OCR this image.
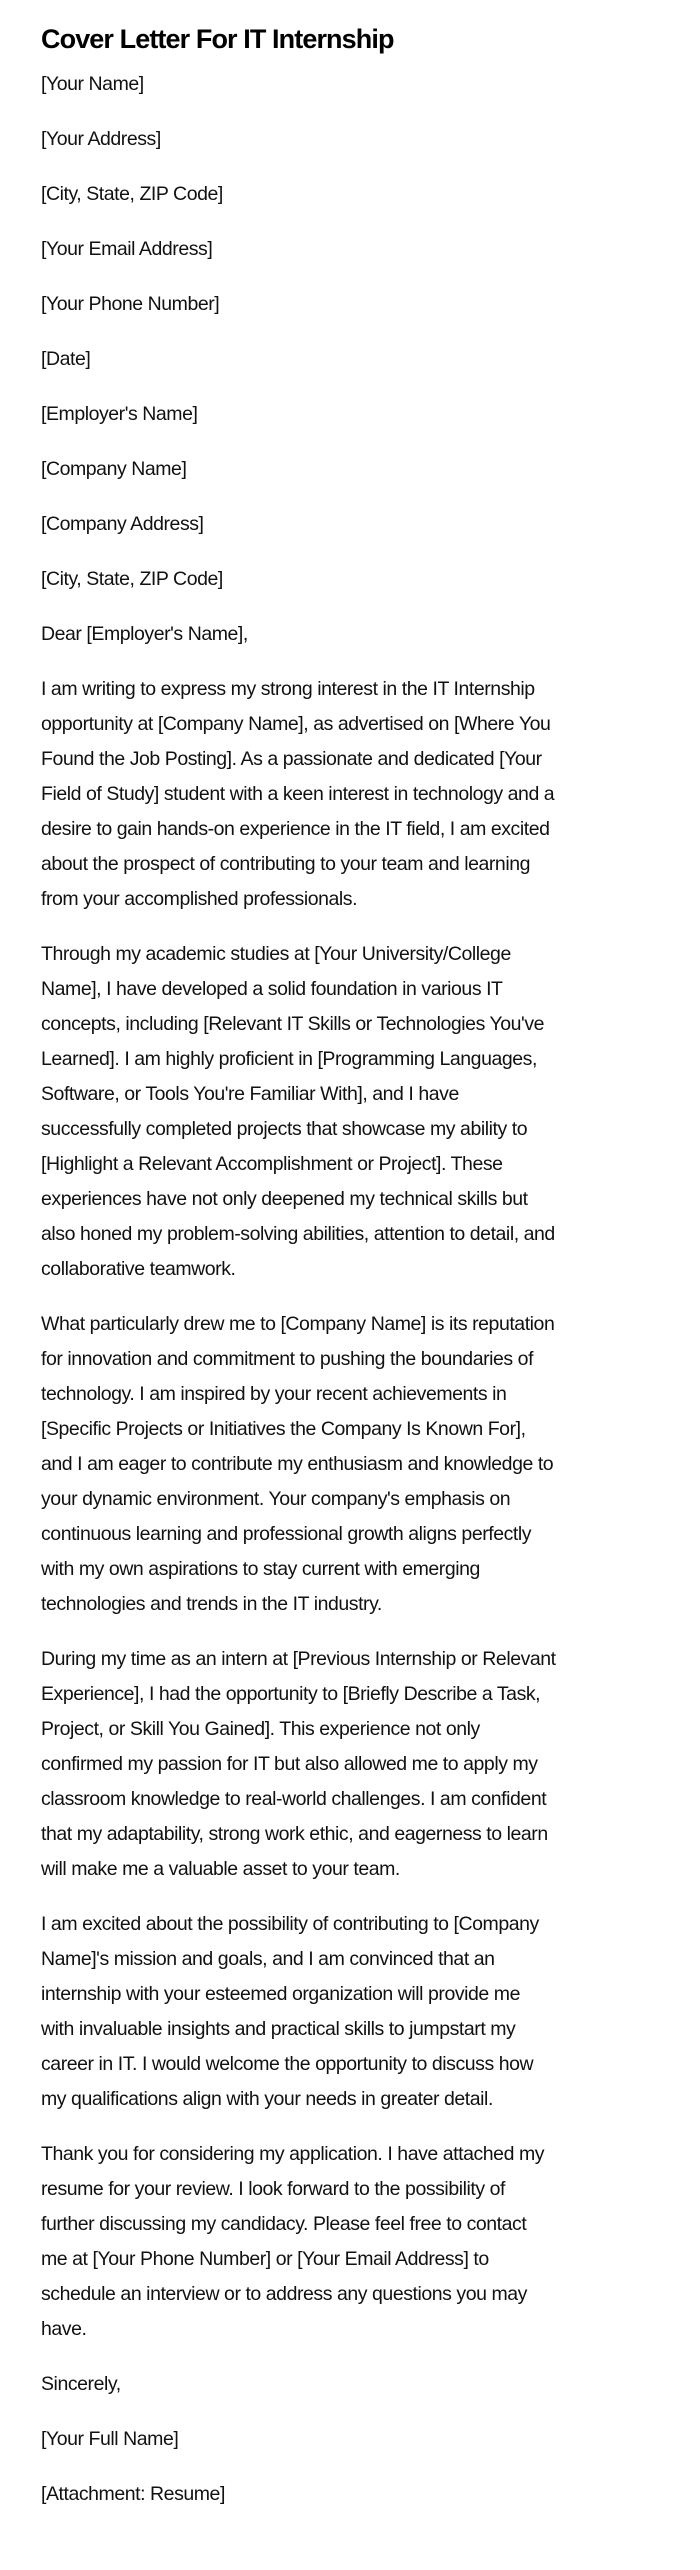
Cover Letter For IT Internship
[Your Name]
[Your Address]
[City, State, ZIP Code]
[Your Email Address]
[Your Phone Number]
[Date]
[Employer's Name]
[Company Name]
[Company Address]
[City, State, ZIP Code]
Dear [Employer's Name],
I am writing to express my strong interest in the IT Internship
opportunity at [Company Name], as advertised on [Where You
Found the Job Posting]. As a passionate and dedicated [Your
Field of Study] student with a keen interest in technology and a
desire to gain hands-on experience in the IT field, I am excited
about the prospect of contributing to your team and learning
from your accomplished professionals.
Through my academic studies at [Your University/College
Name], I have developed a solid foundation in various IT
concepts, including [Relevant IT Skills or Technologies You've
Learned]. I am highly proficient in [Programming Languages,
Software, or Tools You're Familiar With], and I have
successfully completed projects that showcase my ability to
[Highlight a Relevant Accomplishment or Project]. These
experiences have not only deepened my technical skills but
also honed my problem-solving abilities, attention to detail, and
collaborative teamwork.
What particularly drew me to [Company Name] is its reputation
for innovation and commitment to pushing the boundaries of
technology. I am inspired by your recent achievements in
[Specific Projects or Initiatives the Company Is Known For],
and I am eager to contribute my enthusiasm and knowledge to
your dynamic environment. Your company's emphasis on
continuous learning and professional growth aligns perfectly
with my own aspirations to stay current with emerging
technologies and trends in the IT industry.
During my time as an intern at [Previous Internship or Relevant
Experience], I had the opportunity to [Briefly Describe a Task,
Project, or Skill You Gained]. This experience not only
confirmed my passion for IT but also allowed me to apply my
classroom knowledge to real-world challenges. I am confident
that my adaptability, strong work ethic, and eagerness to learn
will make me a valuable asset to your team.
I am excited about the possibility of contributing to [Company
Name]'s mission and goals, and I am convinced that an
internship with your esteemed organization will provide me
with invaluable insights and practical skills to jumpstart my
career in IT. I would welcome the opportunity to discuss how
my qualifications align with your needs in greater detail.
Thank you for considering my application. I have attached my
resume for your review. I look forward to the possibility of
further discussing my candidacy. Please feel free to contact
me at [Your Phone Number] or [Your Email Address] to
schedule an interview or to address any questions you may
have.
Sincerely,
[Your Full Name]
[Attachment: Resume]
